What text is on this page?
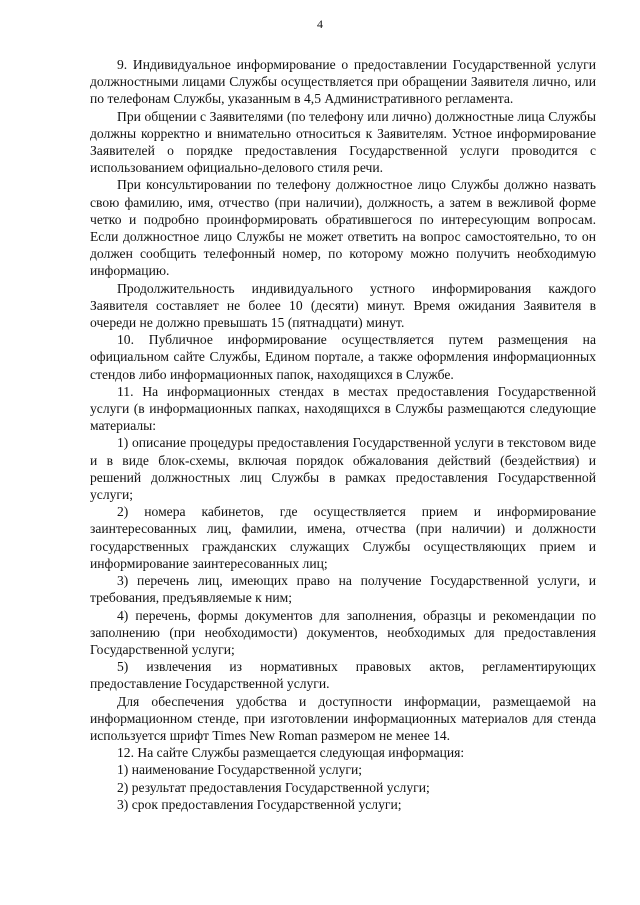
4

9. Индивидуальное информирование о предоставлении Государственной услуги должностными лицами Службы осуществляется при обращении Заявителя лично, или по телефонам Службы, указанным в 4,5 Административного регламента.

При общении с Заявителями (по телефону или лично) должностные лица Службы должны корректно и внимательно относиться к Заявителям. Устное информирование Заявителей о порядке предоставления Государственной услуги проводится с использованием официально-делового стиля речи.

При консультировании по телефону должностное лицо Службы должно назвать свою фамилию, имя, отчество (при наличии), должность, а затем в вежливой форме четко и подробно проинформировать обратившегося по интересующим вопросам. Если должностное лицо Службы не может ответить на вопрос самостоятельно, то он должен сообщить телефонный номер, по которому можно получить необходимую информацию.

Продолжительность индивидуального устного информирования каждого Заявителя составляет не более 10 (десяти) минут. Время ожидания Заявителя в очереди не должно превышать 15 (пятнадцати) минут.

10. Публичное информирование осуществляется путем размещения на официальном сайте Службы, Едином портале, а также оформления информационных стендов либо информационных папок, находящихся в Службе.

11. На информационных стендах в местах предоставления Государственной услуги (в информационных папках, находящихся в Службы размещаются следующие материалы:

1) описание процедуры предоставления Государственной услуги в текстовом виде и в виде блок-схемы, включая порядок обжалования действий (бездействия) и решений должностных лиц Службы в рамках предоставления Государственной услуги;

2) номера кабинетов, где осуществляется прием и информирование заинтересованных лиц, фамилии, имена, отчества (при наличии) и должности государственных гражданских служащих Службы осуществляющих прием и информирование заинтересованных лиц;

3) перечень лиц, имеющих право на получение Государственной услуги, и требования, предъявляемые к ним;

4) перечень, формы документов для заполнения, образцы и рекомендации по заполнению (при необходимости) документов, необходимых для предоставления Государственной услуги;

5) извлечения из нормативных правовых актов, регламентирующих предоставление Государственной услуги.

Для обеспечения удобства и доступности информации, размещаемой на информационном стенде, при изготовлении информационных материалов для стенда используется шрифт Times New Roman размером не менее 14.

12. На сайте Службы размещается следующая информация:

1) наименование Государственной услуги;

2) результат предоставления Государственной услуги;

3) срок предоставления Государственной услуги;
